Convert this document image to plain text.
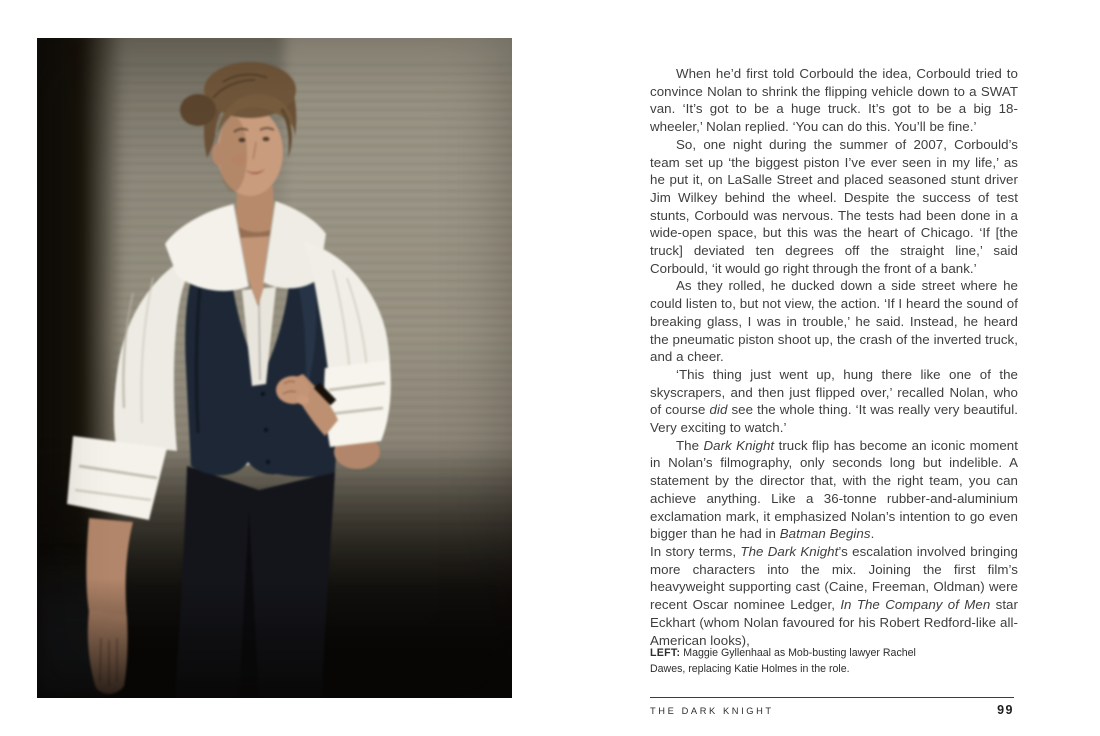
When he’d first told Corbould the idea, Corbould tried to convince Nolan to shrink the flipping vehicle down to a SWAT van. ‘It’s got to be a huge truck. It’s got to be a big 18-wheeler,’ Nolan replied. ‘You can do this. You’ll be fine.’

So, one night during the summer of 2007, Corbould’s team set up ‘the biggest piston I’ve ever seen in my life,’ as he put it, on LaSalle Street and placed seasoned stunt driver Jim Wilkey behind the wheel. Despite the success of test stunts, Corbould was nervous. The tests had been done in a wide-open space, but this was the heart of Chicago. ‘If [the truck] deviated ten degrees off the straight line,’ said Corbould, ‘it would go right through the front of a bank.’

As they rolled, he ducked down a side street where he could listen to, but not view, the action. ‘If I heard the sound of breaking glass, I was in trouble,’ he said. Instead, he heard the pneumatic piston shoot up, the crash of the inverted truck, and a cheer.

‘This thing just went up, hung there like one of the skyscrapers, and then just flipped over,’ recalled Nolan, who of course did see the whole thing. ‘It was really very beautiful. Very exciting to watch.’

The Dark Knight truck flip has become an iconic moment in Nolan’s filmography, only seconds long but indelible. A statement by the director that, with the right team, you can achieve anything. Like a 36-tonne rubber-and-aluminium exclamation mark, it emphasized Nolan’s intention to go even bigger than he had in Batman Begins.

In story terms, The Dark Knight’s escalation involved bringing more characters into the mix. Joining the first film’s heavyweight supporting cast (Caine, Freeman, Oldman) were recent Oscar nominee Ledger, In The Company of Men star Eckhart (whom Nolan favoured for his Robert Redford-like all-American looks),

LEFT: Maggie Gyllenhaal as Mob-busting lawyer Rachel Dawes, replacing Katie Holmes in the role.

THE DARK KNIGHT	99
